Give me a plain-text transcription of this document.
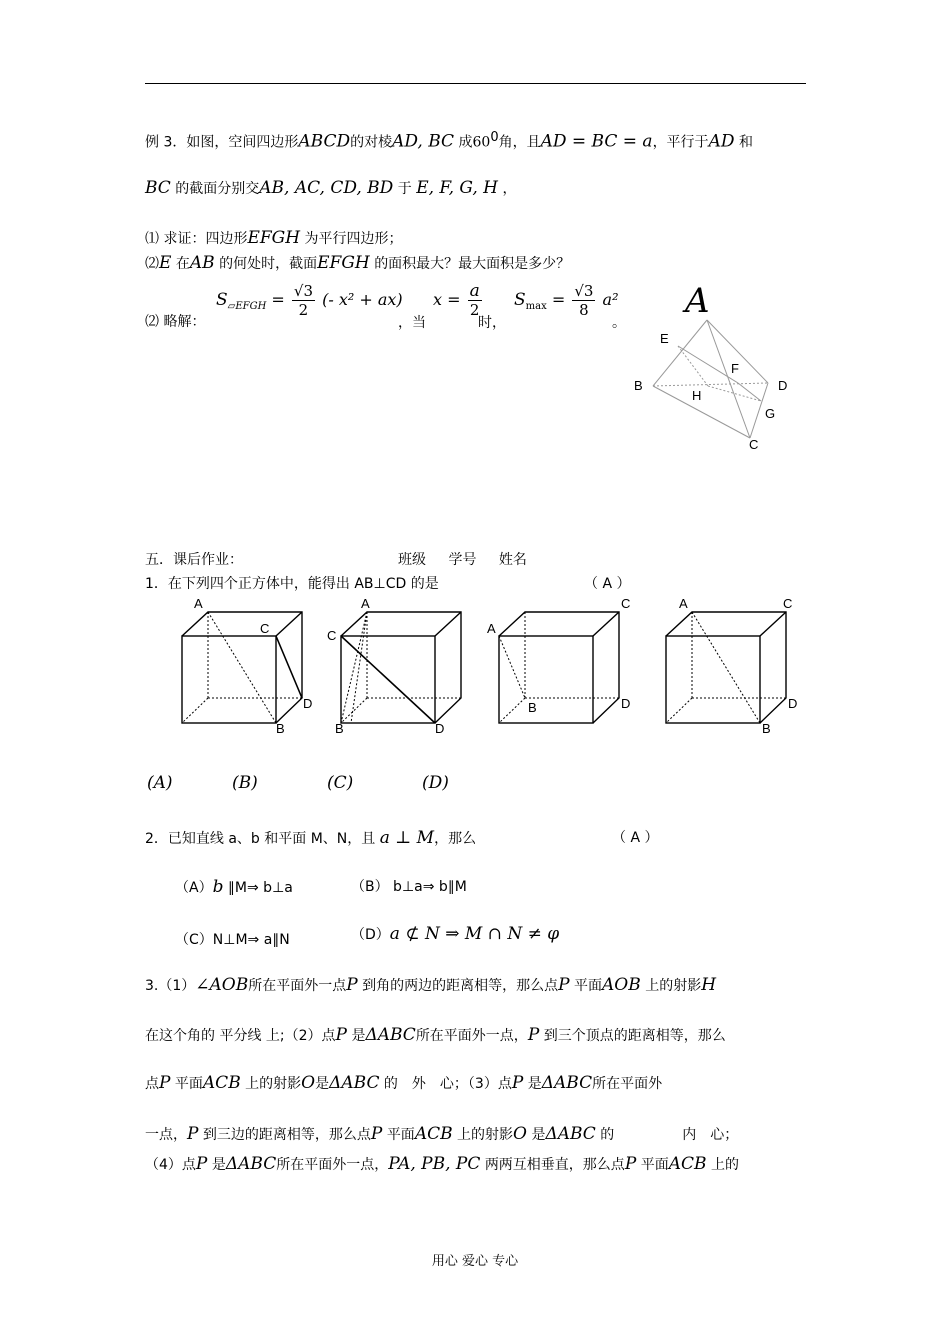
例 3．如图，空间四边形ABCD的对棱AD, BC 成$60^0$角，且AD = BC = a，平行于AD 和
BC 的截面分别交AB, AC, CD, BD 于 E, F, G, H ，
⑴ 求证：四边形EFGH 为平行四边形；
⑵E 在AB 的何处时，截面EFGH 的面积最大？最大面积是多少？
⑵ 略解：
$S_{▱EFGH} = \frac{√3}{2}$ (- x² + ax)
，当
$x = \frac{a}{2}$
时，
$S_{max} = \frac{√3}{8} a^2$
。
A
E
F
B	D
H
G
C
五．课后作业：	班级 学号 姓名
1．在下列四个正方体中，能得出 AB⊥CD 的是	（ A ）
A
C
D
B
A
C
B	D
C
A
B	D
A	C
D
B
(A)	(B)	(C)	(D)
2．已知直线 a、b 和平面 M、N，且 a ⊥ M，那么	（ A ）
（A）b ∥M⇒ b⊥a	（B） b⊥a⇒ b∥M
（C）N⊥M⇒ a∥N	（D）a ⊄ N ⇒ M ∩ N ≠ φ
3.（1）∠AOB所在平面外一点P 到角的两边的距离相等，那么点P 平面AOB 上的射影H
在这个角的 平分线 上;（2）点P 是ΔABC所在平面外一点，P 到三个顶点的距离相等，那么
点P 平面ACB 上的射影O是ΔABC 的　外　心；（3）点P 是ΔABC所在平面外
一点，P 到三边的距离相等，那么点P 平面ACB 上的射影O 是ΔABC 的	内　心；
（4）点P 是ΔABC所在平面外一点，PA, PB, PC 两两互相垂直，那么点P 平面ACB 上的
用心 爱心 专心
